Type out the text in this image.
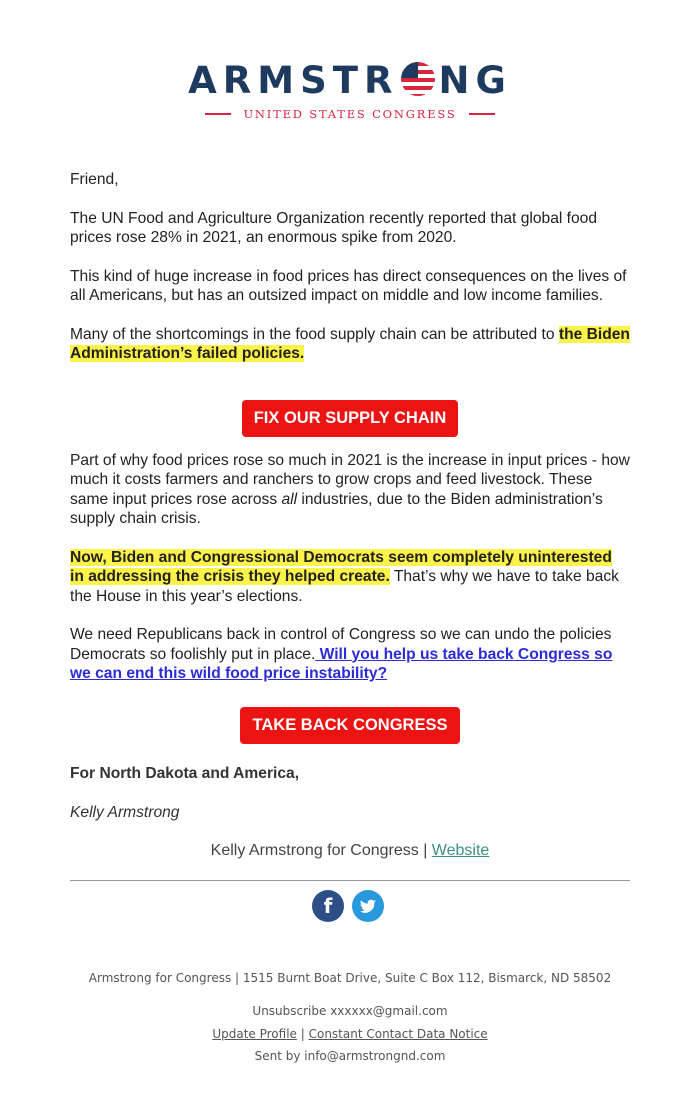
ARMSTR NG
UNITED STATES CONGRESS

Friend,

The UN Food and Agriculture Organization recently reported that global food prices rose 28% in 2021, an enormous spike from 2020.

This kind of huge increase in food prices has direct consequences on the lives of all Americans, but has an outsized impact on middle and low income families.

Many of the shortcomings in the food supply chain can be attributed to the Biden Administration’s failed policies.

Part of why food prices rose so much in 2021 is the increase in input prices - how much it costs farmers and ranchers to grow crops and feed livestock. These same input prices rose across all industries, due to the Biden administration’s supply chain crisis.

Now, Biden and Congressional Democrats seem completely uninterested in addressing the crisis they helped create. That’s why we have to take back the House in this year’s elections.

We need Republicans back in control of Congress so we can undo the policies Democrats so foolishly put in place. Will you help us take back Congress so we can end this wild food price instability?

FIX OUR SUPPLY CHAIN
TAKE BACK CONGRESS
For North Dakota and America,
Kelly Armstrong
Kelly Armstrong for Congress | Website
f
Armstrong for Congress | 1515 Burnt Boat Drive, Suite C Box 112, Bismarck, ND 58502
Unsubscribe xxxxxx@gmail.com
Update Profile | Constant Contact Data Notice
Sent by info@armstrongnd.com
